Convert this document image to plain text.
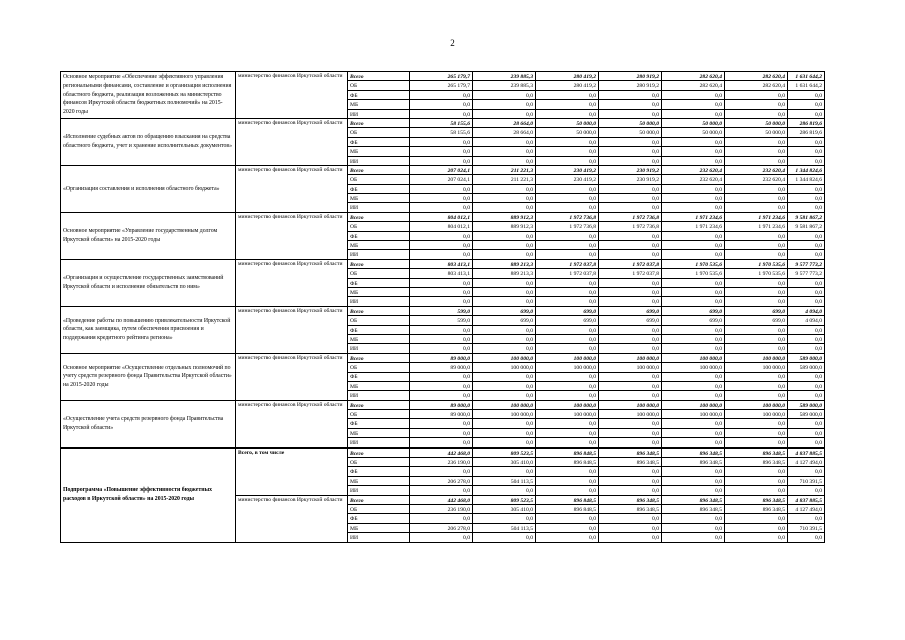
2
Основное мероприятие «Обеспечение эффективного управления региональными финансами, составление и организация исполнения областного бюджета, реализация возложенных на министерство финансов Иркутской области бюджетных полномочий» на 2015-2020 годы	министерство финансов Иркутской области	Всего	265 179,7	239 885,3	280 419,2	280 919,2	282 620,4	282 620,4	1 631 644,2
		ОБ	265 179,7	239 885,3	280 419,2	280 919,2	282 620,4	282 620,4	1 631 644,2
		ФБ	0,0	0,0	0,0	0,0	0,0	0,0	0,0
		МБ	0,0	0,0	0,0	0,0	0,0	0,0	0,0
		ИИ	0,0	0,0	0,0	0,0	0,0	0,0	0,0
«Исполнение судебных актов по обращению взыскания на средства областного бюджета, учет и хранение исполнительных документов»	министерство финансов Иркутской области	Всего	58 155,6	28 664,0	50 000,0	50 000,0	50 000,0	50 000,0	286 819,6
		ОБ	58 155,6	28 664,0	50 000,0	50 000,0	50 000,0	50 000,0	286 819,6
		ФБ	0,0	0,0	0,0	0,0	0,0	0,0	0,0
		МБ	0,0	0,0	0,0	0,0	0,0	0,0	0,0
		ИИ	0,0	0,0	0,0	0,0	0,0	0,0	0,0
«Организация составления и исполнения областного бюджета»	министерство финансов Иркутской области	Всего	207 024,1	211 221,3	230 419,2	230 919,2	232 620,4	232 620,4	1 344 824,6
		ОБ	207 024,1	211 221,3	230 419,2	230 919,2	232 620,4	232 620,4	1 344 824,6
		ФБ	0,0	0,0	0,0	0,0	0,0	0,0	0,0
		МБ	0,0	0,0	0,0	0,0	0,0	0,0	0,0
		ИИ	0,0	0,0	0,0	0,0	0,0	0,0	0,0
Основное мероприятие «Управление государственным долгом Иркутской области» на 2015-2020 годы	министерство финансов Иркутской области	Всего	804 012,1	889 912,3	1 972 736,8	1 972 736,8	1 971 234,6	1 971 234,6	9 581 867,2
		ОБ	804 012,1	889 912,3	1 972 736,8	1 972 736,8	1 971 234,6	1 971 234,6	9 581 867,2
		ФБ	0,0	0,0	0,0	0,0	0,0	0,0	0,0
		МБ	0,0	0,0	0,0	0,0	0,0	0,0	0,0
		ИИ	0,0	0,0	0,0	0,0	0,0	0,0	0,0
«Организация и осуществление государственных заимствований Иркутской области и исполнение обязательств по ним»	министерство финансов Иркутской области	Всего	803 413,1	889 213,3	1 972 037,8	1 972 037,8	1 970 535,6	1 970 535,6	9 577 773,2
		ОБ	803 413,1	889 213,3	1 972 037,8	1 972 037,8	1 970 535,6	1 970 535,6	9 577 773,2
		ФБ	0,0	0,0	0,0	0,0	0,0	0,0	0,0
		МБ	0,0	0,0	0,0	0,0	0,0	0,0	0,0
		ИИ	0,0	0,0	0,0	0,0	0,0	0,0	0,0
«Проведение работы по повышению привлекательности Иркутской области, как заемщика, путем обеспечения присвоения и поддержания кредитного рейтинга региона»	министерство финансов Иркутской области	Всего	599,0	699,0	699,0	699,0	699,0	699,0	4 094,0
		ОБ	599,0	699,0	699,0	699,0	699,0	699,0	4 094,0
		ФБ	0,0	0,0	0,0	0,0	0,0	0,0	0,0
		МБ	0,0	0,0	0,0	0,0	0,0	0,0	0,0
		ИИ	0,0	0,0	0,0	0,0	0,0	0,0	0,0
Основное мероприятие «Осуществление отдельных полномочий по учету средств резервного фонда Правительства Иркутской области» на 2015-2020 годы	министерство финансов Иркутской области	Всего	89 000,0	100 000,0	100 000,0	100 000,0	100 000,0	100 000,0	589 000,0
		ОБ	89 000,0	100 000,0	100 000,0	100 000,0	100 000,0	100 000,0	589 000,0
		ФБ	0,0	0,0	0,0	0,0	0,0	0,0	0,0
		МБ	0,0	0,0	0,0	0,0	0,0	0,0	0,0
		ИИ	0,0	0,0	0,0	0,0	0,0	0,0	0,0
«Осуществление учета средств резервного фонда Правительства Иркутской области»	министерство финансов Иркутской области	Всего	89 000,0	100 000,0	100 000,0	100 000,0	100 000,0	100 000,0	589 000,0
		ОБ	89 000,0	100 000,0	100 000,0	100 000,0	100 000,0	100 000,0	589 000,0
		ФБ	0,0	0,0	0,0	0,0	0,0	0,0	0,0
		МБ	0,0	0,0	0,0	0,0	0,0	0,0	0,0
		ИИ	0,0	0,0	0,0	0,0	0,0	0,0	0,0
Подпрограмма «Повышение эффективности бюджетных расходов в Иркутской области» на 2015-2020 годы	Всего, в том числе	Всего	442 468,0	809 523,5	896 848,5	896 348,5	896 348,5	896 348,5	4 837 885,5
		ОБ	236 190,0	305 410,0	896 848,5	896 348,5	896 348,5	896 348,5	4 127 494,0
		ФБ	0,0	0,0	0,0	0,0	0,0	0,0	0,0
		МБ	206 278,0	504 113,5	0,0	0,0	0,0	0,0	710 391,5
		ИИ	0,0	0,0	0,0	0,0	0,0	0,0	0,0
	министерство финансов Иркутской области	Всего	442 468,0	809 523,5	896 848,5	896 348,5	896 348,5	896 348,5	4 837 885,5
		ОБ	236 190,0	305 410,0	896 848,5	896 348,5	896 348,5	896 348,5	4 127 494,0
		ФБ	0,0	0,0	0,0	0,0	0,0	0,0	0,0
		МБ	206 278,0	504 113,5	0,0	0,0	0,0	0,0	710 391,5
		ИИ	0,0	0,0	0,0	0,0	0,0	0,0	0,0
